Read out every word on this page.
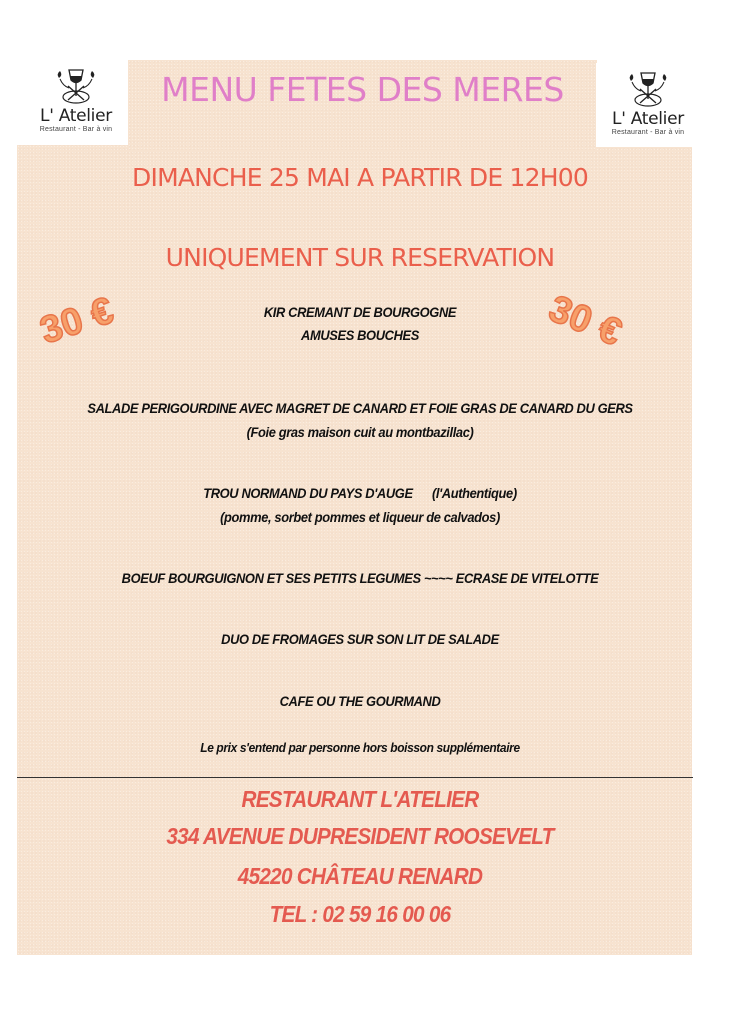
L' Atelier
Restaurant - Bar à vin
L' Atelier
Restaurant - Bar à vin
MENU FETES DES MERES
DIMANCHE 25 MAI A PARTIR DE 12H00
UNIQUEMENT SUR RESERVATION
30 €	30 €
KIR CREMANT DE BOURGOGNE
AMUSES BOUCHES
SALADE PERIGOURDINE AVEC MAGRET DE CANARD ET FOIE GRAS DE CANARD DU GERS
(Foie gras maison cuit au montbazillac)
TROU NORMAND DU PAYS D'AUGE      (l'Authentique)
(pomme, sorbet pommes et liqueur de calvados)
BOEUF BOURGUIGNON ET SES PETITS LEGUMES ~~~~ ECRASE DE VITELOTTE
DUO DE FROMAGES SUR SON LIT DE SALADE
CAFE OU THE GOURMAND
Le prix s'entend par personne hors boisson supplémentaire
RESTAURANT L'ATELIER
334 AVENUE DUPRESIDENT ROOSEVELT
45220 CHÂTEAU RENARD
TEL : 02 59 16 00 06
